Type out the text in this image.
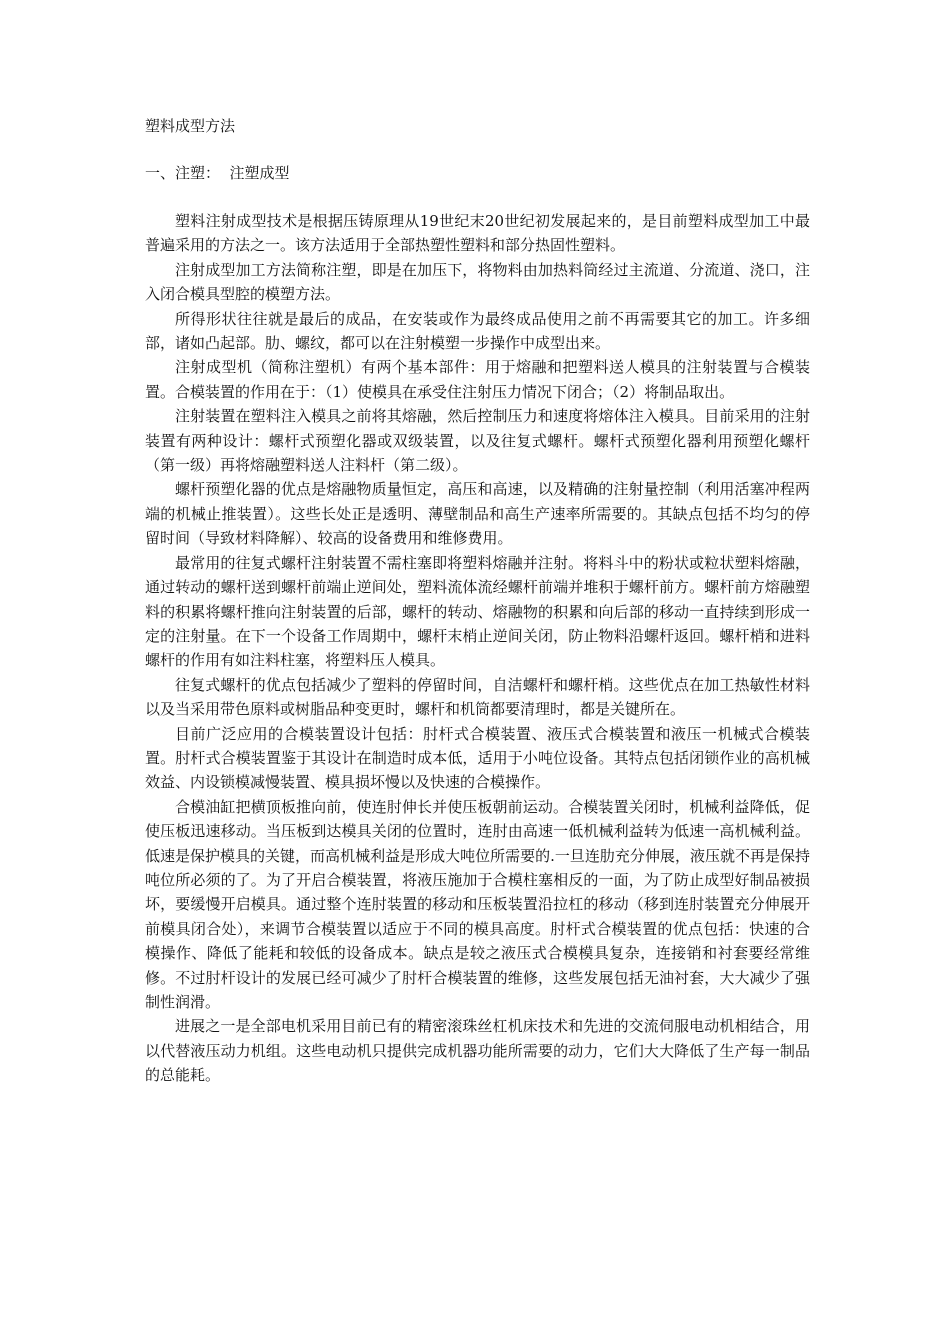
塑料成型方法

一、注塑：  注塑成型

塑料注射成型技术是根据压铸原理从19世纪末20世纪初发展起来的，是目前塑料成型加工中最普遍采用的方法之一。该方法适用于全部热塑性塑料和部分热固性塑料。

注射成型加工方法简称注塑，即是在加压下，将物料由加热料筒经过主流道、分流道、浇口，注入闭合模具型腔的模塑方法。

所得形状往往就是最后的成品，在安装或作为最终成品使用之前不再需要其它的加工。许多细部，诸如凸起部。肋、螺纹，都可以在注射模塑一步操作中成型出来。

注射成型机（简称注塑机）有两个基本部件：用于熔融和把塑料送人模具的注射装置与合模装置。合模装置的作用在于：（1）使模具在承受住注射压力情况下闭合；（2）将制品取出。

注射装置在塑料注入模具之前将其熔融，然后控制压力和速度将熔体注入模具。目前采用的注射装置有两种设计：螺杆式预塑化器或双级装置，以及往复式螺杆。螺杆式预塑化器利用预塑化螺杆（第一级）再将熔融塑料送人注料杆（第二级）。

螺杆预塑化器的优点是熔融物质量恒定，高压和高速，以及精确的注射量控制（利用活塞冲程两端的机械止推装置）。这些长处正是透明、薄壁制品和高生产速率所需要的。其缺点包括不均匀的停留时间（导致材料降解）、较高的设备费用和维修费用。

最常用的往复式螺杆注射装置不需柱塞即将塑料熔融并注射。将料斗中的粉状或粒状塑料熔融，通过转动的螺杆送到螺杆前端止逆间处，塑料流体流经螺杆前端并堆积于螺杆前方。螺杆前方熔融塑料的积累将螺杆推向注射装置的后部，螺杆的转动、熔融物的积累和向后部的移动一直持续到形成一定的注射量。在下一个设备工作周期中，螺杆末梢止逆间关闭，防止物料沿螺杆返回。螺杆梢和进料螺杆的作用有如注料柱塞，将塑料压人模具。

往复式螺杆的优点包括减少了塑料的停留时间，自洁螺杆和螺杆梢。这些优点在加工热敏性材料以及当采用带色原料或树脂品种变更时，螺杆和机筒都要清理时，都是关键所在。

目前广泛应用的合模装置设计包括：肘杆式合模装置、液压式合模装置和液压一机械式合模装置。肘杆式合模装置鉴于其设计在制造时成本低，适用于小吨位设备。其特点包括闭锁作业的高机械效益、内设锁模减慢装置、模具损坏慢以及快速的合模操作。

合模油缸把横顶板推向前，使连肘伸长并使压板朝前运动。合模装置关闭时，机械利益降低，促使压板迅速移动。当压板到达模具关闭的位置时，连肘由高速一低机械利益转为低速一高机械利益。低速是保护模具的关键，而高机械利益是形成大吨位所需要的.一旦连肋充分伸展，液压就不再是保持吨位所必须的了。为了开启合模装置，将液压施加于合模柱塞相反的一面，为了防止成型好制品被损坏，要缓慢开启模具。通过整个连肘装置的移动和压板装置沿拉杠的移动（移到连肘装置充分伸展开前模具闭合处），来调节合模装置以适应于不同的模具高度。肘杆式合模装置的优点包括：快速的合模操作、降低了能耗和较低的设备成本。缺点是较之液压式合模模具复杂，连接销和衬套要经常维修。不过肘杆设计的发展已经可减少了肘杆合模装置的维修，这些发展包括无油衬套，大大减少了强制性润滑。

进展之一是全部电机采用目前已有的精密滚珠丝杠机床技术和先进的交流伺服电动机相结合，用以代替液压动力机组。这些电动机只提供完成机器功能所需要的动力，它们大大降低了生产每一制品的总能耗。
